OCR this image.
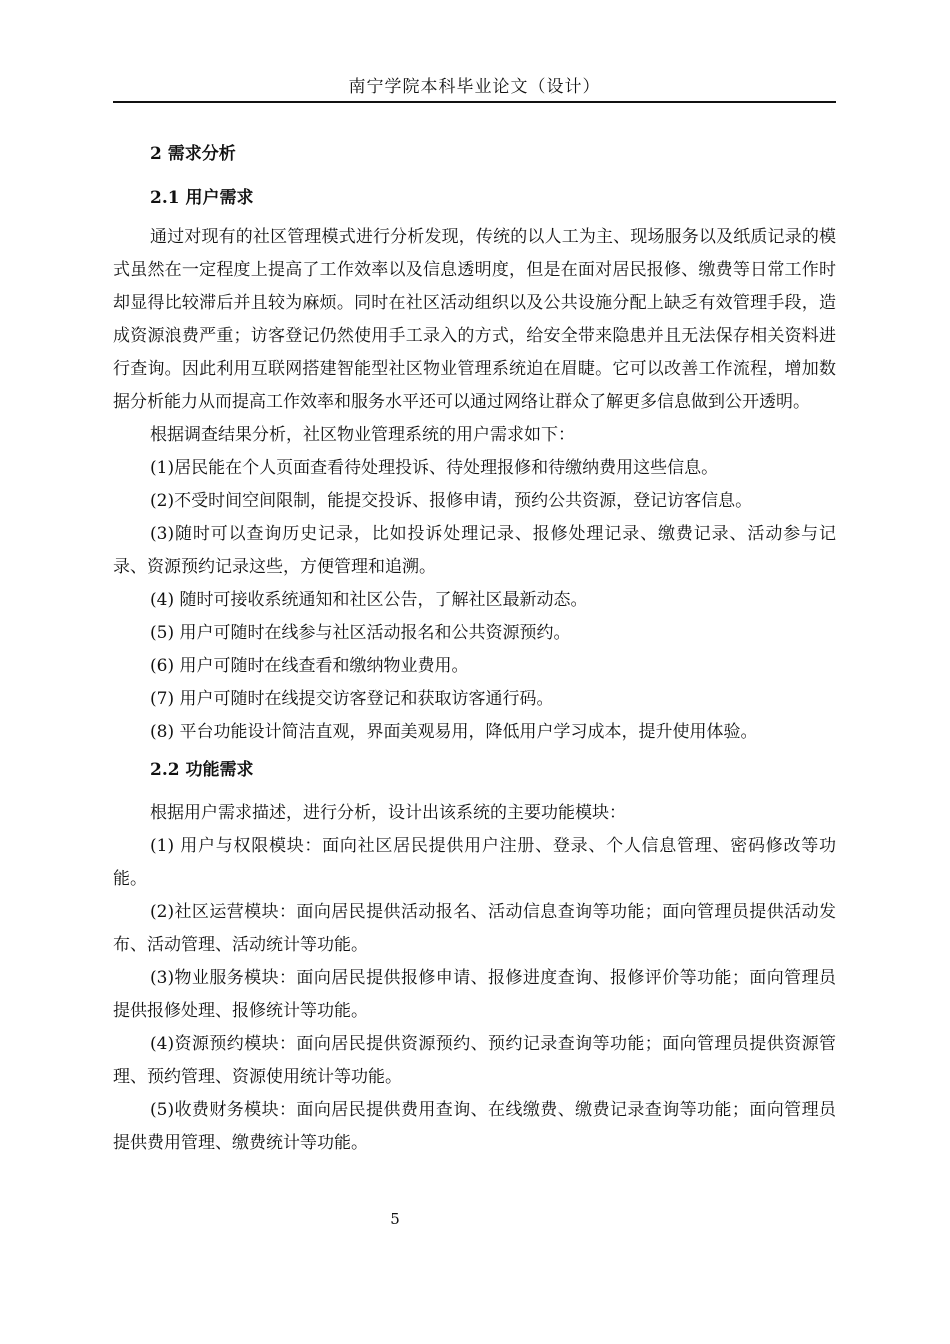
南宁学院本科毕业论文（设计）

2 需求分析

2.1 用户需求

通过对现有的社区管理模式进行分析发现，传统的以人工为主、现场服务以及纸质记录的模式虽然在一定程度上提高了工作效率以及信息透明度，但是在面对居民报修、缴费等日常工作时却显得比较滞后并且较为麻烦。同时在社区活动组织以及公共设施分配上缺乏有效管理手段，造成资源浪费严重；访客登记仍然使用手工录入的方式，给安全带来隐患并且无法保存相关资料进行查询。因此利用互联网搭建智能型社区物业管理系统迫在眉睫。它可以改善工作流程，增加数据分析能力从而提高工作效率和服务水平还可以通过网络让群众了解更多信息做到公开透明。

根据调查结果分析，社区物业管理系统的用户需求如下：

(1)居民能在个人页面查看待处理投诉、待处理报修和待缴纳费用这些信息。

(2)不受时间空间限制，能提交投诉、报修申请，预约公共资源，登记访客信息。

(3)随时可以查询历史记录，比如投诉处理记录、报修处理记录、缴费记录、活动参与记录、资源预约记录这些，方便管理和追溯。

(4) 随时可接收系统通知和社区公告，了解社区最新动态。

(5) 用户可随时在线参与社区活动报名和公共资源预约。

(6) 用户可随时在线查看和缴纳物业费用。

(7) 用户可随时在线提交访客登记和获取访客通行码。

(8) 平台功能设计简洁直观，界面美观易用，降低用户学习成本，提升使用体验。

2.2 功能需求

根据用户需求描述，进行分析，设计出该系统的主要功能模块：

(1) 用户与权限模块：面向社区居民提供用户注册、登录、个人信息管理、密码修改等功能。

(2)社区运营模块：面向居民提供活动报名、活动信息查询等功能；面向管理员提供活动发布、活动管理、活动统计等功能。

(3)物业服务模块：面向居民提供报修申请、报修进度查询、报修评价等功能；面向管理员提供报修处理、报修统计等功能。

(4)资源预约模块：面向居民提供资源预约、预约记录查询等功能；面向管理员提供资源管理、预约管理、资源使用统计等功能。

(5)收费财务模块：面向居民提供费用查询、在线缴费、缴费记录查询等功能；面向管理员提供费用管理、缴费统计等功能。

5
